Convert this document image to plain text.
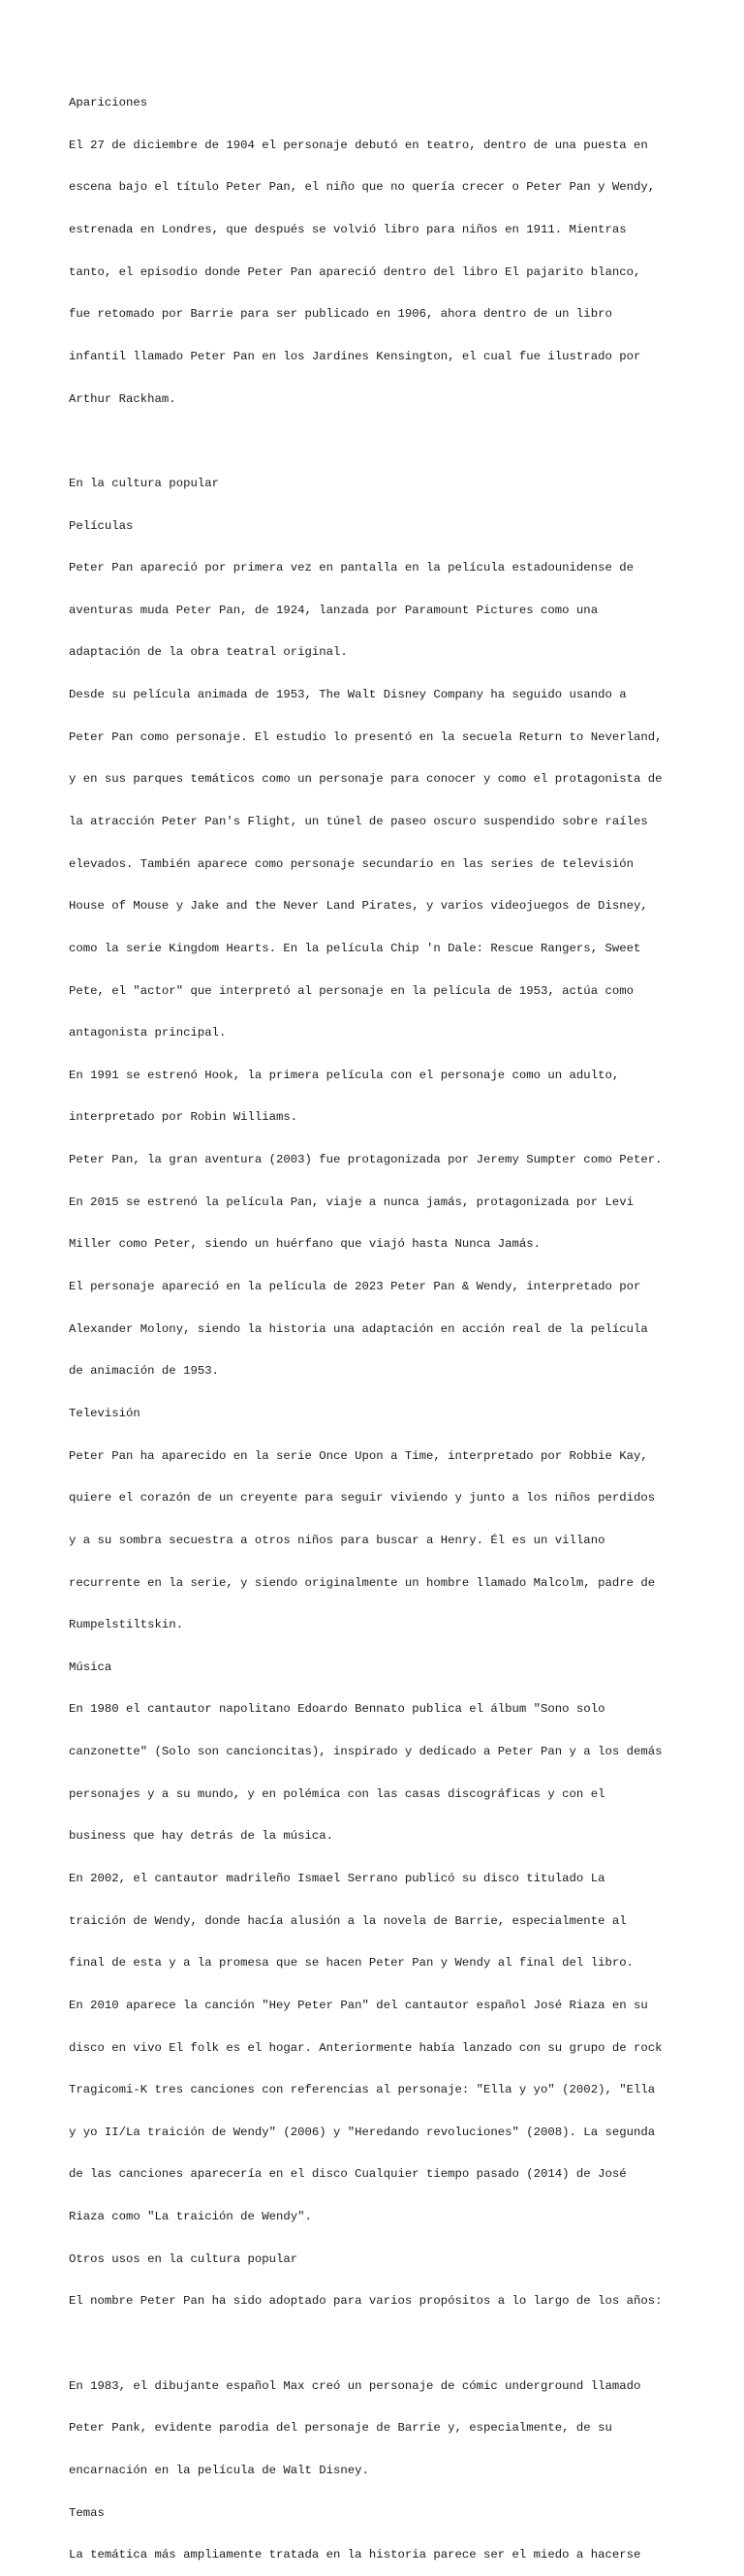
Apariciones

El 27 de diciembre de 1904 el personaje debutó en teatro, dentro de una puesta en

escena bajo el título Peter Pan, el niño que no quería crecer o Peter Pan y Wendy,

estrenada en Londres, que después se volvió libro para niños en 1911. Mientras

tanto, el episodio donde Peter Pan apareció dentro del libro El pajarito blanco,

fue retomado por Barrie para ser publicado en 1906, ahora dentro de un libro

infantil llamado Peter Pan en los Jardines Kensington, el cual fue ilustrado por

Arthur Rackham.

En la cultura popular

Películas

Peter Pan apareció por primera vez en pantalla en la película estadounidense de

aventuras muda Peter Pan, de 1924, lanzada por Paramount Pictures como una

adaptación de la obra teatral original.

Desde su película animada de 1953, The Walt Disney Company ha seguido usando a

Peter Pan como personaje. El estudio lo presentó en la secuela Return to Neverland,

y en sus parques temáticos como un personaje para conocer y como el protagonista de

la atracción Peter Pan's Flight, un túnel de paseo oscuro suspendido sobre raíles

elevados. También aparece como personaje secundario en las series de televisión

House of Mouse y Jake and the Never Land Pirates, y varios videojuegos de Disney,

como la serie Kingdom Hearts. En la película Chip 'n Dale: Rescue Rangers, Sweet

Pete, el "actor" que interpretó al personaje en la película de 1953, actúa como

antagonista principal.

En 1991 se estrenó Hook, la primera película con el personaje como un adulto,

interpretado por Robin Williams.

Peter Pan, la gran aventura (2003) fue protagonizada por Jeremy Sumpter como Peter.

En 2015 se estrenó la película Pan, viaje a nunca jamás, protagonizada por Levi

Miller como Peter, siendo un huérfano que viajó hasta Nunca Jamás.

El personaje apareció en la película de 2023 Peter Pan & Wendy, interpretado por

Alexander Molony, siendo la historia una adaptación en acción real de la película

de animación de 1953.

Televisión

Peter Pan ha aparecido en la serie Once Upon a Time, interpretado por Robbie Kay,

quiere el corazón de un creyente para seguir viviendo y junto a los niños perdidos

y a su sombra secuestra a otros niños para buscar a Henry. Él es un villano

recurrente en la serie, y siendo originalmente un hombre llamado Malcolm, padre de

Rumpelstiltskin.

Música

En 1980 el cantautor napolitano Edoardo Bennato publica el álbum "Sono solo

canzonette" (Solo son cancioncitas), inspirado y dedicado a Peter Pan y a los demás

personajes y a su mundo, y en polémica con las casas discográficas y con el

business que hay detrás de la música.

En 2002, el cantautor madrileño Ismael Serrano publicó su disco titulado La

traición de Wendy, donde hacía alusión a la novela de Barrie, especialmente al

final de esta y a la promesa que se hacen Peter Pan y Wendy al final del libro.

En 2010 aparece la canción "Hey Peter Pan" del cantautor español José Riaza en su

disco en vivo El folk es el hogar. Anteriormente había lanzado con su grupo de rock

Tragicomi-K tres canciones con referencias al personaje: "Ella y yo" (2002), "Ella

y yo II/La traición de Wendy" (2006) y "Heredando revoluciones" (2008). La segunda

de las canciones aparecería en el disco Cualquier tiempo pasado (2014) de José

Riaza como "La traición de Wendy".

Otros usos en la cultura popular

El nombre Peter Pan ha sido adoptado para varios propósitos a lo largo de los años:

En 1983, el dibujante español Max creó un personaje de cómic underground llamado

Peter Pank, evidente parodia del personaje de Barrie y, especialmente, de su

encarnación en la película de Walt Disney.

Temas

La temática más ampliamente tratada en la historia parece ser el miedo a hacerse
